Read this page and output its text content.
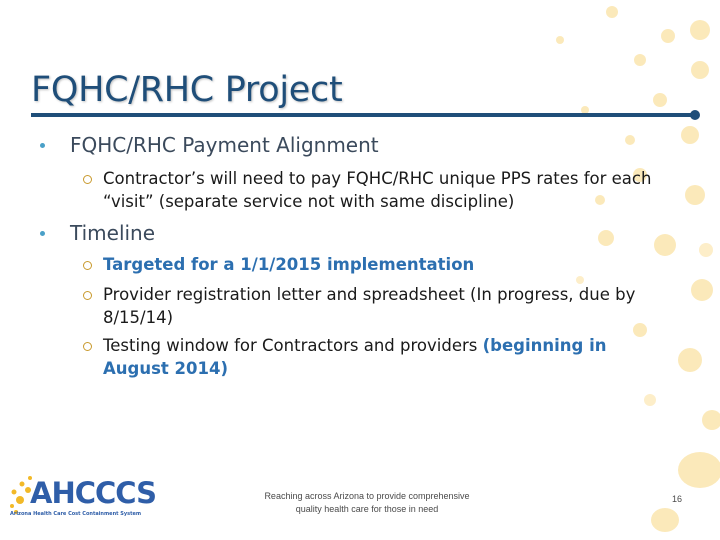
FQHC/RHC Project
FQHC/RHC Payment Alignment
Contractor’s will need to pay FQHC/RHC unique PPS rates for each
“visit” (separate service not with same discipline)
Timeline
Targeted for a 1/1/2015 implementation
Provider registration letter and spreadsheet (In progress, due by
8/15/14)
Testing window for Contractors and providers (beginning in
August 2014)
AHCCCS
Arizona Health Care Cost Containment System
Reaching across Arizona to provide comprehensive
quality health care for those in need
16
